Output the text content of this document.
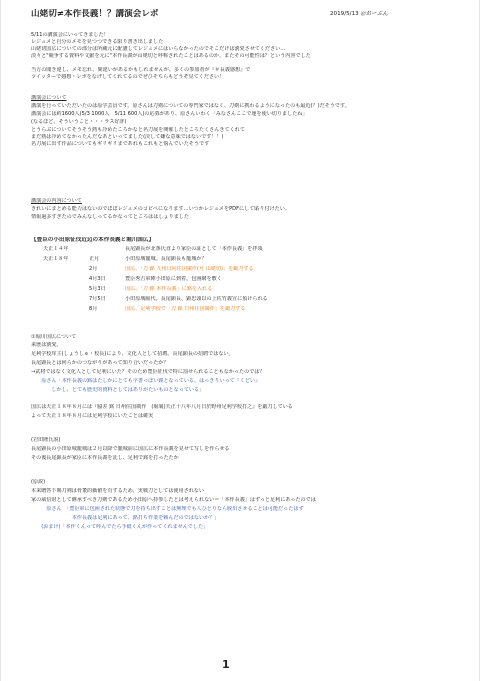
山姥切≠本作長義！？講演会レポ	2019/5/13 ＠おーぷん
5/11の講演会にいってきました！
レジュメと自分のメモを見つつできる限り書き出しました
山姥切国広についての部分は所蔵元に配慮してレジュメにはいらなかったのでそこだけは割愛させてください…
淡々と"競争する資料や文献を元に"本作長義が山姥切と呼称されたことはあるのか、またその可能性は？という内容でした
当方の聞き違し、メモ忘れ、間違いがあるかもしれませんが、多くの参加者が『＃長義感想』で
ツイッターで感想・レポをなげしてくれてるのでぜひそちらもどうぞ見てください！
講演会について
講演を行っていただいたのは原学芸員です。原さんは刀剣についての専門家ではなく、刀剣に携わるようになったのも最近(？)だそうです。
講演会には約1600人(5/3 1000人　5/11 600人)の応募があり、原さんいわく「みなさんここで運を使い切りましたね」
(なるほど、そういうこと・・・ラス好評)
とうらぶについてそうそう熱も冷めたころかなと名刀展を開催したところたくさんきてくれて
まだ熱は冷めてなかったんだなあといってました(決して嫌な意味ではないです！！)
名刀展に出す作品についてもギリギリまであれもこれもと悩んでいたそうです
講演会の内容について
きれいにまとめる能力はないのでほぼレジュメのコピペになります…いつかレジュメをPDFにして貼り付けたい。
情報過多すぎたのでみんなしってるかなってところははしょりました
【豊臣の小田原征伐近辺の本作長義と堀川国広】
天正１４年	長尾顕長が北条氏直より家臣の証として「本作長義」を拝領
天正１８年	正月	小田原城籠城。長尾顕長も籠城か？
2月	国広、「刀 銘 九州日向住国廣作(号 山姥切)」を鍛刀する
4月3日	豊臣秀吉軍陣小田原に到着。包囲網を敷く
5月3日	国広、「刀 銘 本作長義」に銘を入れる
7月5日	小田原城陥代。長尾顕長、顕忠頭以の上佐竹義宣に預けられる
8月	国広、足利学校で「刀 銘 日州住国廣作」を鍛刀する
①堀川国広について
来歴は割愛。
足利学校庠主(しょうしゅ・校長)により、文化人として招聘。長尾顕長の招聘ではない。
長尾顕長とは何らかのつながりがあって知り合いだったか？
→武将ではなく文化人として足利にいた？そのため豊臣征伐で特に罰せられることもなかったのでは？
　　原さん「本作長義の銘はたしかにとても字書っぽい銘となっている。はっきりいって『くどい』
　　　　しかし、とても歴史的資料としてはありがたいものとなっている」
国広は天正１８年８月には『脇差 銘 日州住国廣作　(堀裏)天正十八年八月日於野州足利学校打之』を鍛刀している
よって天正１８年８月には足利学校にいたことは確実
(岩田隆氏説)
長尾顕長の小田原城籠城は２月以降で籠城前に国広に本作長義を見せて写しを作らせる
その後長尾顕長が家臣に本作長義を託し、足利で銘を打ったたか
(原説)
本来贈答下賜刀剣は骨董的価値を有するため、実戦刀としては使用されない
家の威信財として継承すべき刀剣であるため小田原へ持参したとは考えられない＝「本作長義」はずっと足利にあったのでは
　　　原さん　「豊臣軍に包囲された状態で刀を持ち出すことは無理でも人ひとりなら脱出させることは可能だったはず
　　　　　　　　本作長義は足利にあって、銘打ち作業を頼んだのではないか？」
　　(おまけ)「本作くんって呼んでたら手紙くんが作ってくれませんでした」
1
